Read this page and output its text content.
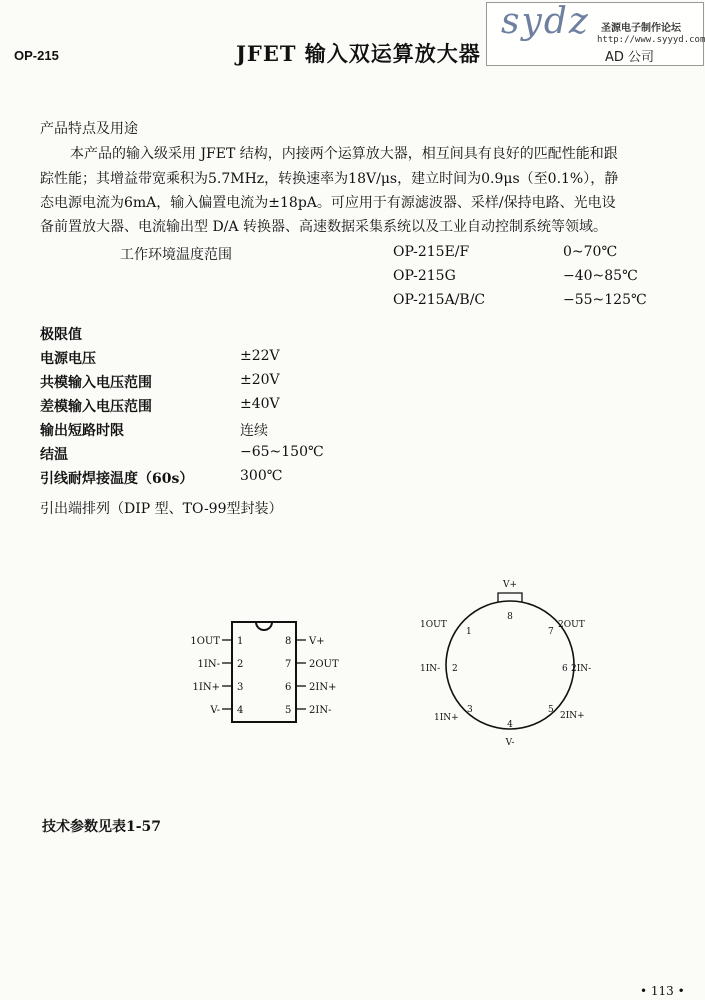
OP-215	JFET 输入双运算放大器
sydz 圣源电子制作论坛
http://www.syyyd.com
AD 公司
产品特点及用途
本产品的输入级采用 JFET 结构，内接两个运算放大器，相互间具有良好的匹配性能和跟
踪性能；其增益带宽乘积为5.7MHz，转换速率为18V/μs，建立时间为0.9μs（至0.1%），静
态电源电流为6mA，输入偏置电流为±18pA。可应用于有源滤波器、采样/保持电路、光电设
备前置放大器、电流输出型 D/A 转换器、高速数据采集系统以及工业自动控制系统等领域。
工作环境温度范围	OP-215E/F	0~70℃
OP-215G	−40~85℃
OP-215A/B/C	−55~125℃
极限值
电源电压	±22V
共模输入电压范围	±20V
差模输入电压范围	±40V
输出短路时限	连续
结温	−65~150℃
引线耐焊接温度（60s）	300℃
引出端排列（DIP 型、TO-99型封装）
1
2
3
4	5
6
7
8
1OUT
1IN-
1IN+
V-	2IN-
2IN+
2OUT
V+
V+
8
1
1OUT
7
2OUT
2
1IN-	6 2IN-
3
1IN+
5
2IN+
4
V-
技术参数见表1-57
• 113 •
